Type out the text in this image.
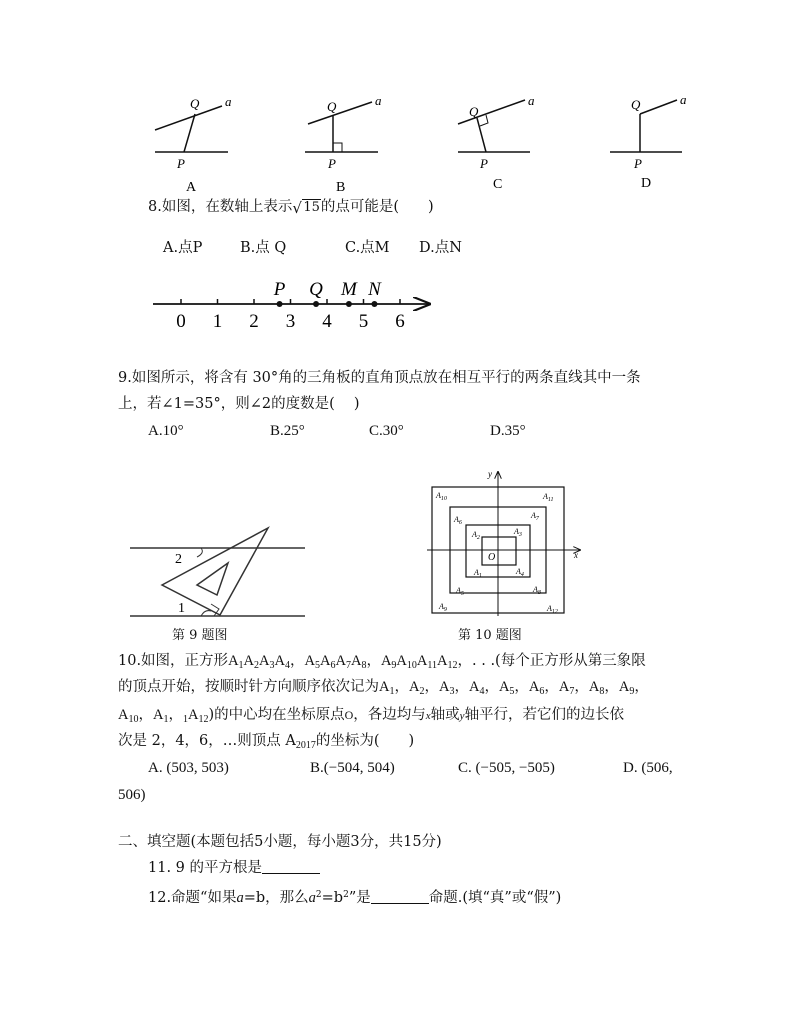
Q a
P
A
Q	a
P
B
Q
a
P
C
Q	a
P
D
8.如图，在数轴上表示 √ 15的点可能是(　　)
A.点P	B.点 Q	C.点M D.点N
0 1 2 3 4 5 6
P Q M N
9.如图所示，将含有 30°角的三角板的直角顶点放在相互平行的两条直线其中一条
上，若∠1=35°，则∠2的度数是(　 )
A.10°	B.25°	C.30°	D.35°
2
1
第 9 题图
x
y
O
$A_1$
$A_2$
$A_3$
$A_4$
$A_5$
$A_6$
$A_7$
$A_8$
$A_9$
$A_{10}$	$A_{11}$
$A_{12}$
第 10 题图
10.如图，正方形$A_1A_2A_3A_4$，$A_5A_6A_7A_8$，$A_9A_{10}A_{11}A_{12}$，. . .(每个正方形从第三象限
的顶点开始，按顺时针方向顺序依次记为$A_1$，$A_2$，$A_3$，$A_4$，$A_5$，$A_6$，$A_7$，$A_8$，$A_9$，
$A_{10}$，$A_1$，$_1A_{12}$)的中心均在坐标原点O，各边均与x轴或y轴平行，若它们的边长依
次是 2，4，6，…则顶点 $A_{2017}$的坐标为(　　)
A. (503, 503)	B.(−504, 504)	C. (−505, −505)	D. (506,
506)
二、填空题(本题包括5小题，每小题3分，共15分)
11. 9 的平方根是
12.命题“如果a=b，那么$a^2=b^2$”是	命题.(填“真”或“假”)
